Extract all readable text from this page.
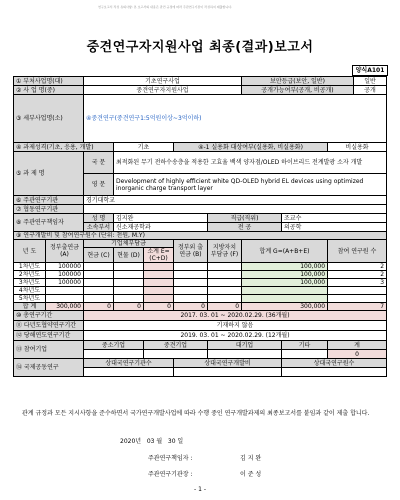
연구보고서 작성 유의사항: 본 보고서의 내용은 관련 규정에 따라 주관연구기관이 작성하여 제출합니다.
중견연구자지원사업 최종(결과)보고서
양식A101
① 부처사업명(대)		기초연구사업					보안등급(보안, 일반)			일반
② 사 업 명(중)		중견연구자지원사업					공개가능여부(공개, 비공개)			공개
③ 세부사업명(소)		④중견연구(중견연구1:5억원이상~3억이하)								
④ 과제성격(기초, 응용, 개발)			기초		④-1 실용화 대상여부(실용화, 비실용화)				비실용화	
⑤ 과 제 명		국 문	최적화된 무기 전하수송층을 적용한 고효율 백색 양자점/OLED 하이브리드 전계발광 소자 개발							
		영 문	Development of highly efficient white QD-OLED hybrid EL devices using optimized inorganic charge transport layer							
⑥ 주관연구기관		경기대학교								
⑦ 협동연구기관										
⑧ 주관연구책임자		성 명	김지완			직급(직위)		조교수		
		소속부서	신소재공학과			전 공		의공학		
⑨ 연구개발비 및 참여연구원수 (단위: 천원, M.Y)										
년 도	정부출연금 (A)	기업체부담금			정부외 출연금 (B)	지방자치 부담금 (F)	합계 G=(A+B+E)		참여 연구원 수	
		현금 (C)	현물 (D)	소계 E=(C+D)						
1차년도	100000						100,000		2	
2차년도	100000						100,000		2	
3차년도	100000						100,000		3	
4차년도										
5차년도										
합 계	300,000	0	0	0	0	0	300,000		7	
⑩ 총연구기간		2017. 03. 01 ~ 2020.02.29. (36개월)								
⑪ 다년도협약연구기간		기재하지 않음								
⑫ 당해연도연구기간		2019. 03. 01 ~ 2020.02.29. (12개월)								
⑬ 참여기업		중소기업		중견기업		대기업		기타	계	
									0	
⑭ 국제공동연구		상대국연구기관수			상대국연구개발비			상대국연구원수		

관계 규정과 모든 지시사항을 준수하면서 국가연구개발사업에 따라 수행 중인 연구개발과제의 최종보고서를 붙임과 같이 제출 합니다.
2020년 03 월 30 일
주관연구책임자 :	김 지 완
주관연구기관장 :	이 준 성
- 1 -
